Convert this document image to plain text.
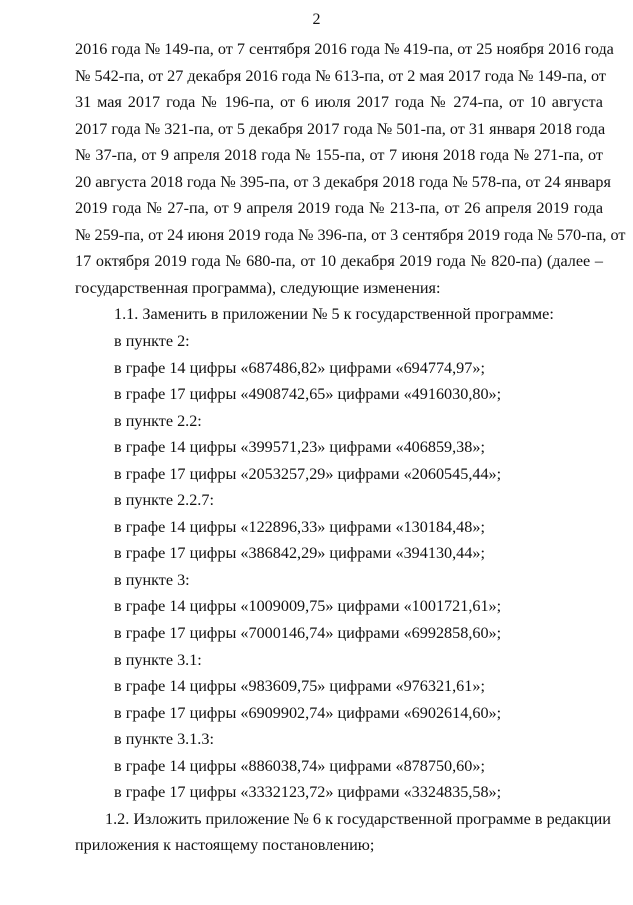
2
2016 года № 149-па, от 7 сентября 2016 года № 419-па, от 25 ноября 2016 года
№ 542-па, от 27 декабря 2016 года № 613-па, от 2 мая 2017 года № 149-па, от
31 мая 2017 года № 196-па, от 6 июля 2017 года № 274-па, от 10 августа
2017 года № 321-па, от 5 декабря 2017 года № 501-па, от 31 января 2018 года
№ 37-па, от 9 апреля 2018 года № 155-па, от 7 июня 2018 года № 271-па, от
20 августа 2018 года № 395-па, от 3 декабря 2018 года № 578-па, от 24 января
2019 года № 27-па, от 9 апреля 2019 года № 213-па, от 26 апреля 2019 года
№ 259-па, от 24 июня 2019 года № 396-па, от 3 сентября 2019 года № 570-па, от
17 октября 2019 года № 680-па, от 10 декабря 2019 года № 820-па) (далее –
государственная программа), следующие изменения:
1.1. Заменить в приложении № 5 к государственной программе:
в пункте 2:
в графе 14 цифры «687486,82» цифрами «694774,97»;
в графе 17 цифры «4908742,65» цифрами «4916030,80»;
в пункте 2.2:
в графе 14 цифры «399571,23» цифрами «406859,38»;
в графе 17 цифры «2053257,29» цифрами «2060545,44»;
в пункте 2.2.7:
в графе 14 цифры «122896,33» цифрами «130184,48»;
в графе 17 цифры «386842,29» цифрами «394130,44»;
в пункте 3:
в графе 14 цифры «1009009,75» цифрами «1001721,61»;
в графе 17 цифры «7000146,74» цифрами «6992858,60»;
в пункте 3.1:
в графе 14 цифры «983609,75» цифрами «976321,61»;
в графе 17 цифры «6909902,74» цифрами «6902614,60»;
в пункте 3.1.3:
в графе 14 цифры «886038,74» цифрами «878750,60»;
в графе 17 цифры «3332123,72» цифрами «3324835,58»;
1.2. Изложить приложение № 6 к государственной программе в редакции
приложения к настоящему постановлению;
